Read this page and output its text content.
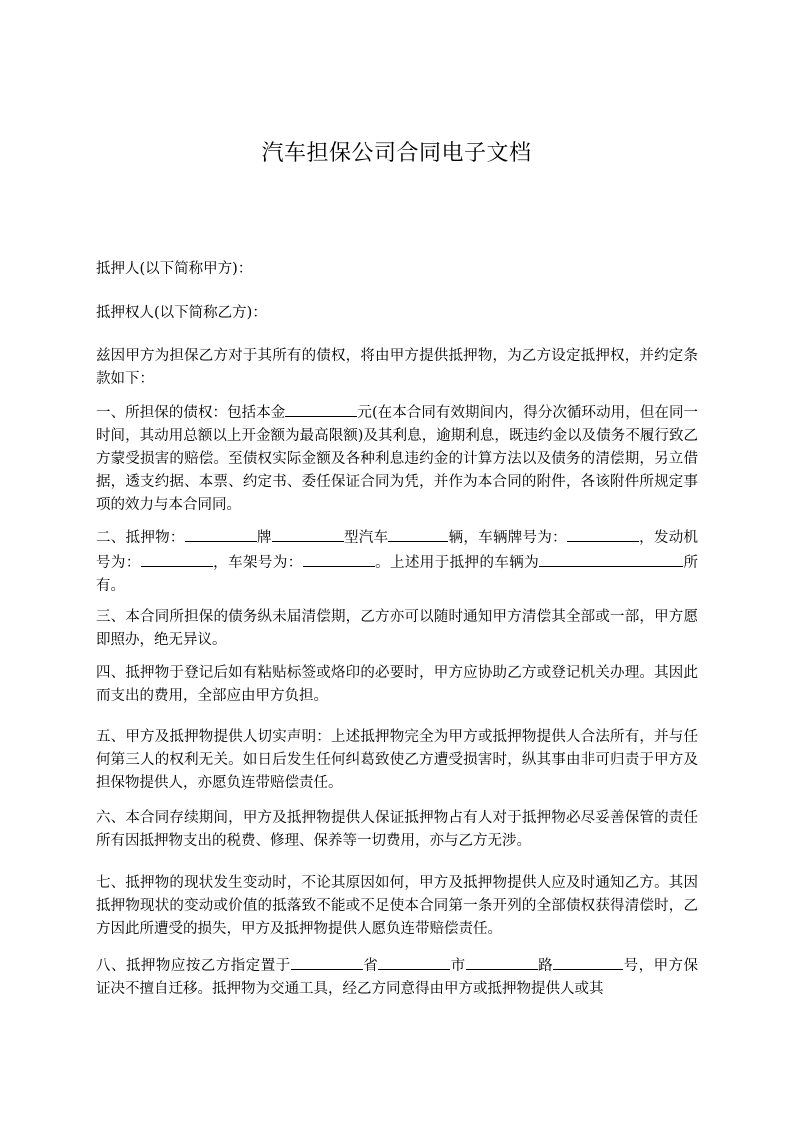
汽车担保公司合同电子文档
抵押人(以下简称甲方)：
抵押权人(以下简称乙方)：
兹因甲方为担保乙方对于其所有的债权，将由甲方提供抵押物，为乙方设定抵押权，并约定条款如下：
一、所担保的债权：包括本金	元(在本合同有效期间内，得分次循环动用，但在同一时间，其动用总额以上开金额为最高限额)及其利息，逾期利息，既违约金以及债务不履行致乙方蒙受损害的赔偿。至债权实际金额及各种利息违约金的计算方法以及债务的清偿期，另立借据，透支约据、本票、约定书、委任保证合同为凭，并作为本合同的附件，各该附件所规定事项的效力与本合同同。
二、抵押物：	牌	型汽车	辆，车辆牌号为：	，发动机号为：	，车架号为：	。上述用于抵押的车辆为	所有。
三、本合同所担保的债务纵未届清偿期，乙方亦可以随时通知甲方清偿其全部或一部，甲方愿即照办，绝无异议。
四、抵押物于登记后如有粘贴标签或烙印的必要时，甲方应协助乙方或登记机关办理。其因此而支出的费用，全部应由甲方负担。
五、甲方及抵押物提供人切实声明：上述抵押物完全为甲方或抵押物提供人合法所有，并与任何第三人的权利无关。如日后发生任何纠葛致使乙方遭受损害时，纵其事由非可归责于甲方及担保物提供人，亦愿负连带赔偿责任。
六、本合同存续期间，甲方及抵押物提供人保证抵押物占有人对于抵押物必尽妥善保管的责任所有因抵押物支出的税费、修理、保养等一切费用，亦与乙方无涉。
七、抵押物的现状发生变动时，不论其原因如何，甲方及抵押物提供人应及时通知乙方。其因抵押物现状的变动或价值的抵落致不能或不足使本合同第一条开列的全部债权获得清偿时，乙方因此所遭受的损失，甲方及抵押物提供人愿负连带赔偿责任。
八、抵押物应按乙方指定置于	省	市	路	号，甲方保证决不擅自迁移。抵押物为交通工具，经乙方同意得由甲方或抵押物提供人或其
